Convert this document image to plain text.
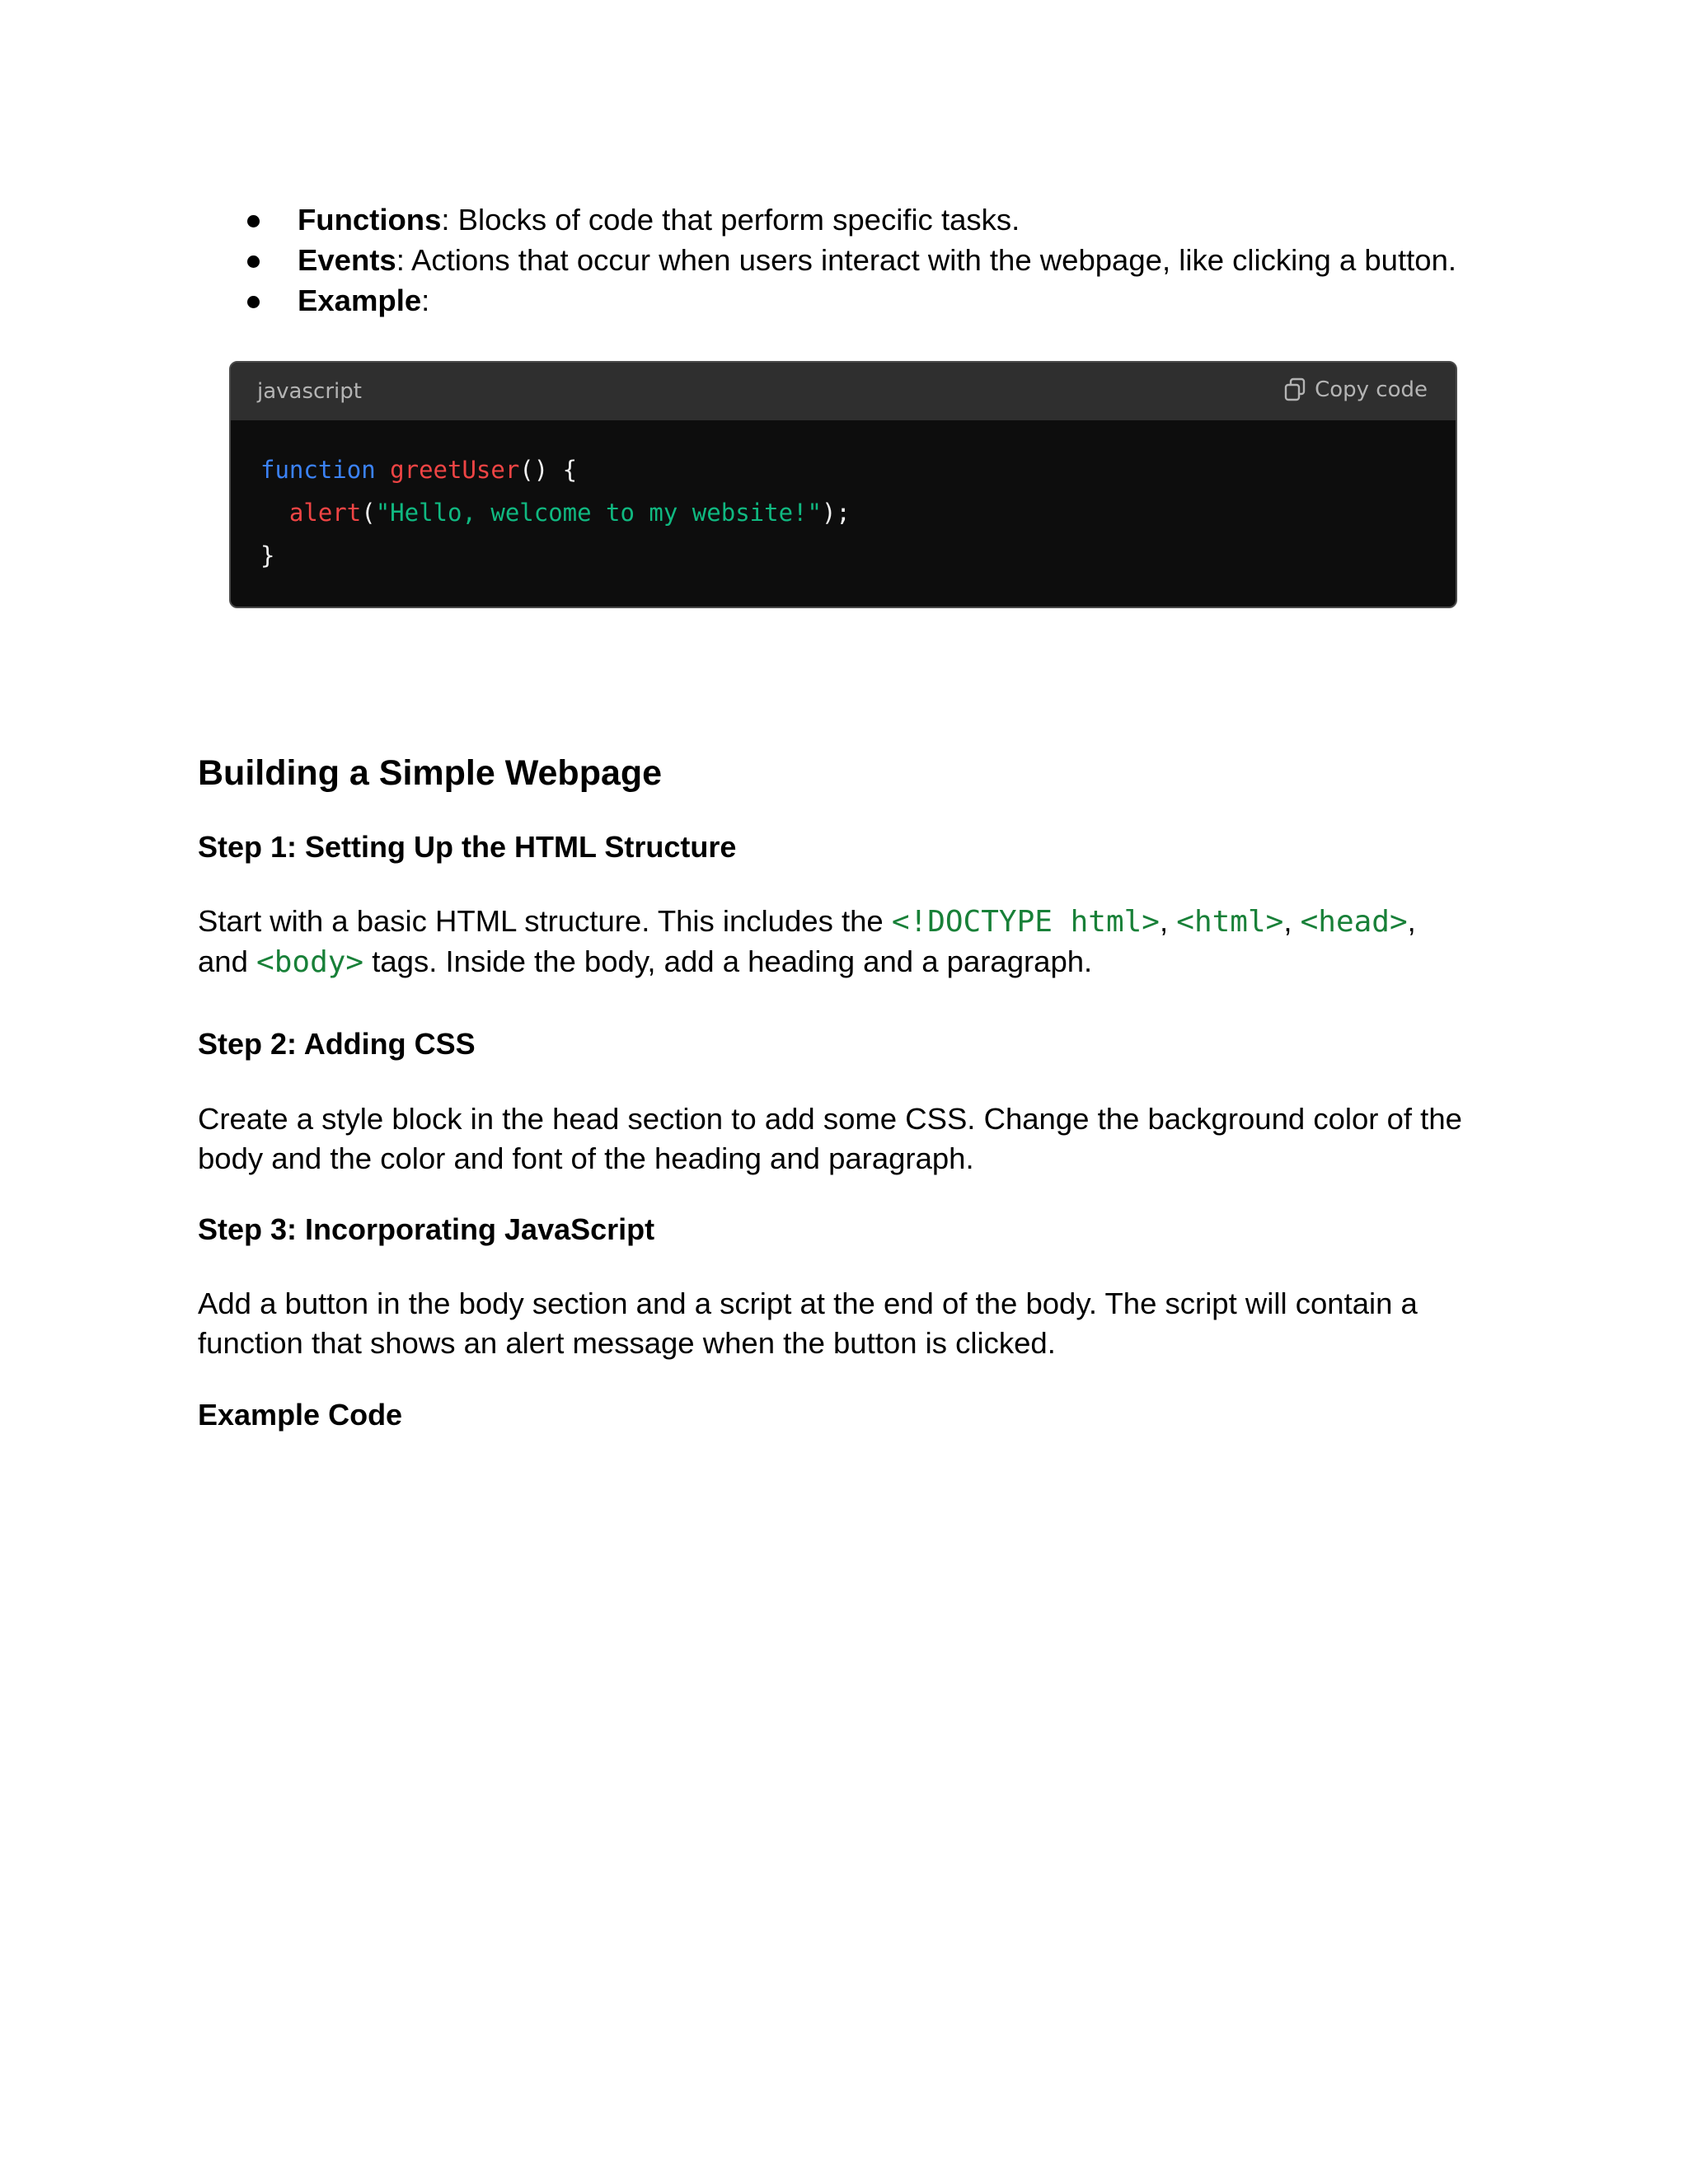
Functions: Blocks of code that perform specific tasks.
Events: Actions that occur when users interact with the webpage, like clicking a button.
Example:
javascript	Copy code
function greetUser() {
alert("Hello, welcome to my website!");
}
Building a Simple Webpage
Step 1: Setting Up the HTML Structure

Start with a basic HTML structure. This includes the <!DOCTYPE html>, <html>, <head>,
and <body> tags. Inside the body, add a heading and a paragraph.

Step 2: Adding CSS

Create a style block in the head section to add some CSS. Change the background color of the body and the color and font of the heading and paragraph.

Step 3: Incorporating JavaScript

Add a button in the body section and a script at the end of the body. The script will contain a function that shows an alert message when the button is clicked.

Example Code
